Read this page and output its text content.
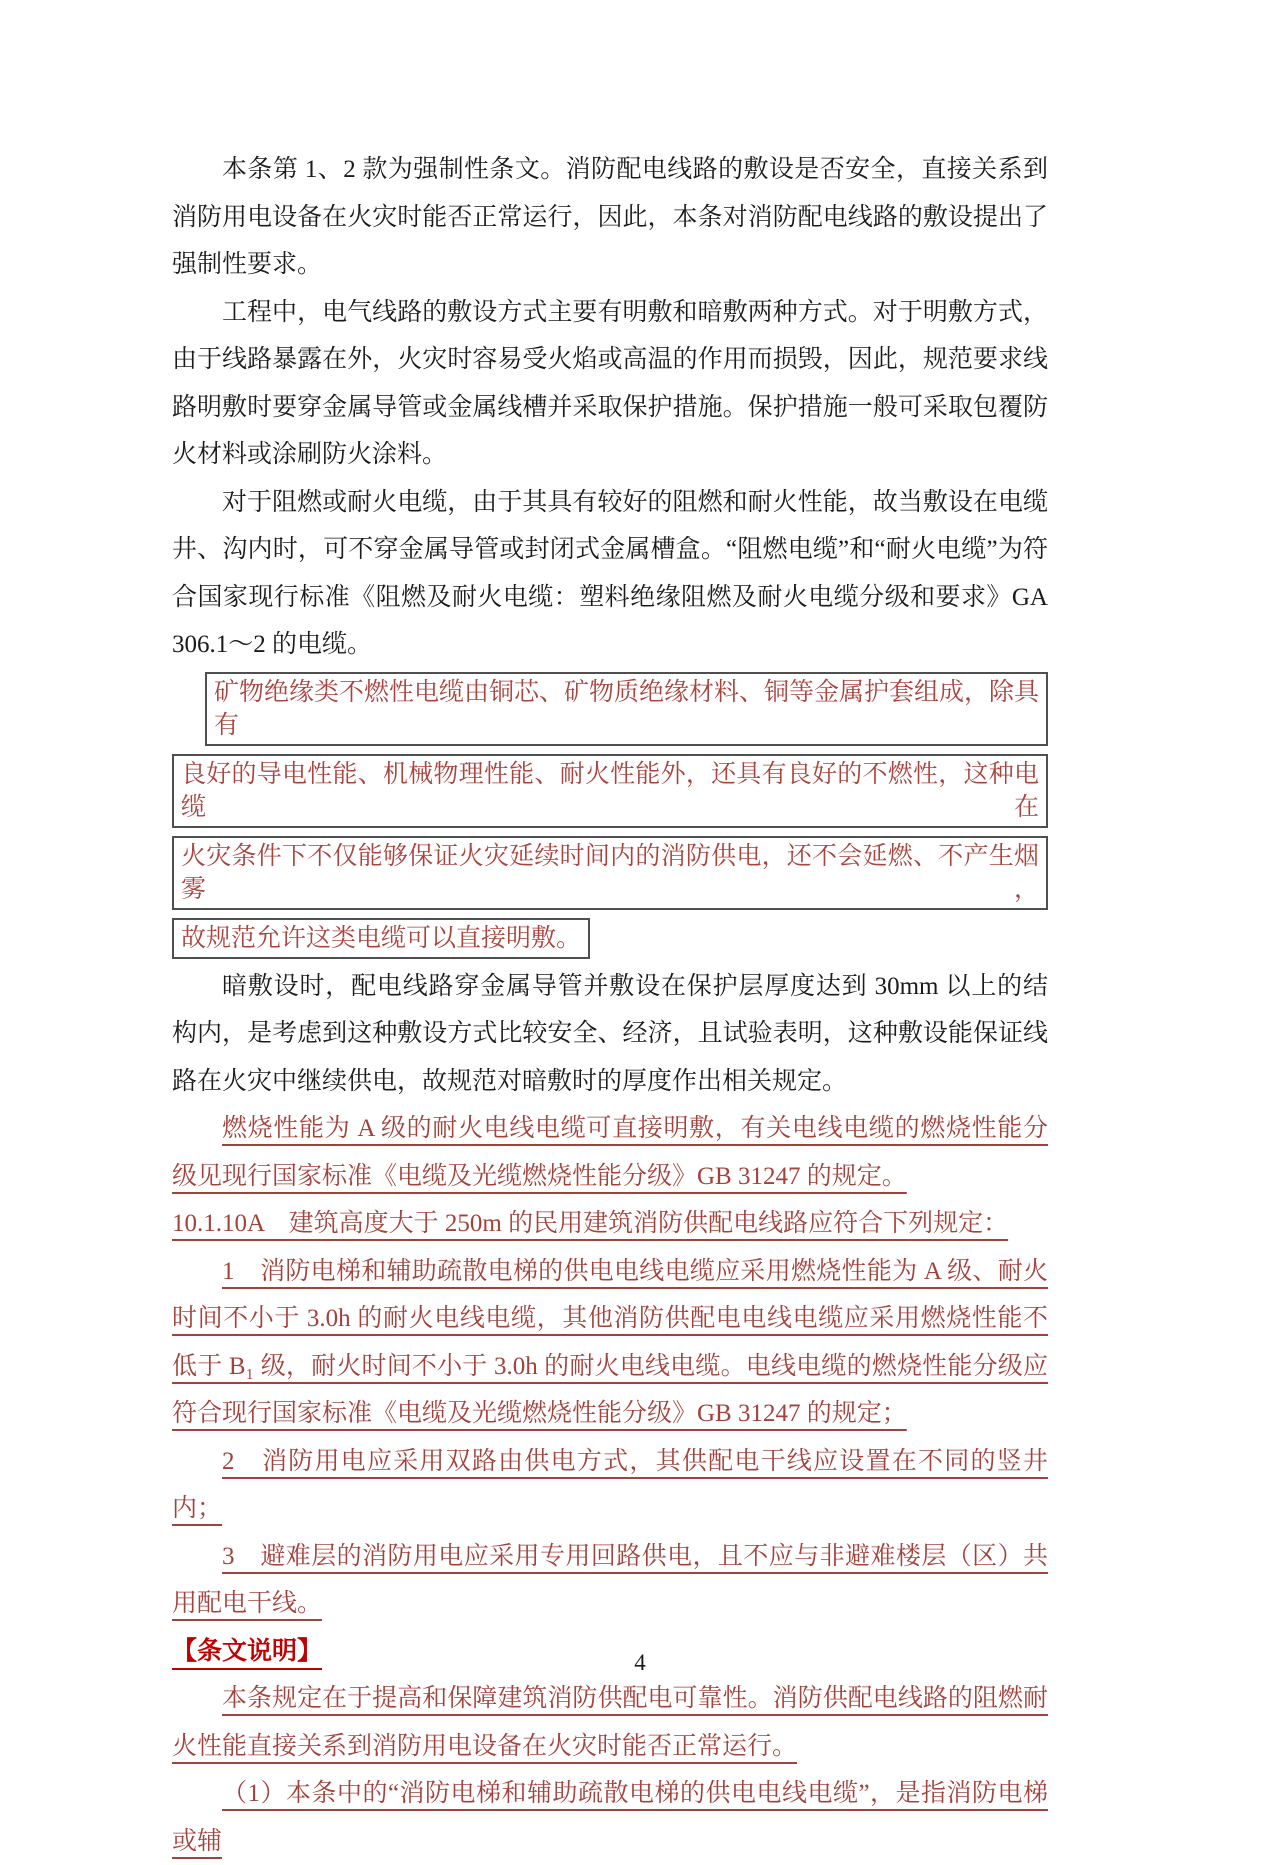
本条第 1、2 款为强制性条文。消防配电线路的敷设是否安全，直接关系到消防用电设备在火灾时能否正常运行，因此，本条对消防配电线路的敷设提出了强制性要求。

工程中，电气线路的敷设方式主要有明敷和暗敷两种方式。对于明敷方式，由于线路暴露在外，火灾时容易受火焰或高温的作用而损毁，因此，规范要求线路明敷时要穿金属导管或金属线槽并采取保护措施。保护措施一般可采取包覆防火材料或涂刷防火涂料。

对于阻燃或耐火电缆，由于其具有较好的阻燃和耐火性能，故当敷设在电缆井、沟内时，可不穿金属导管或封闭式金属槽盒。“阻燃电缆”和“耐火电缆”为符合国家现行标准《阻燃及耐火电缆：塑料绝缘阻燃及耐火电缆分级和要求》GA 306.1～2 的电缆。

矿物绝缘类不燃性电缆由铜芯、矿物质绝缘材料、铜等金属护套组成，除具有
良好的导电性能、机械物理性能、耐火性能外，还具有良好的不燃性，这种电缆在
火灾条件下不仅能够保证火灾延续时间内的消防供电，还不会延燃、不产生烟雾，
故规范允许这类电缆可以直接明敷。

暗敷设时，配电线路穿金属导管并敷设在保护层厚度达到 30mm 以上的结构内，是考虑到这种敷设方式比较安全、经济，且试验表明，这种敷设能保证线路在火灾中继续供电，故规范对暗敷时的厚度作出相关规定。

燃烧性能为 A 级的耐火电线电缆可直接明敷，有关电线电缆的燃烧性能分级见现行国家标准《电缆及光缆燃烧性能分级》GB 31247 的规定。

10.1.10A　建筑高度大于 250m 的民用建筑消防供配电线路应符合下列规定：

1　消防电梯和辅助疏散电梯的供电电线电缆应采用燃烧性能为 A 级、耐火时间不小于 3.0h 的耐火电线电缆，其他消防供配电电线电缆应采用燃烧性能不低于 B₁ 级，耐火时间不小于 3.0h 的耐火电线电缆。电线电缆的燃烧性能分级应符合现行国家标准《电缆及光缆燃烧性能分级》GB 31247 的规定；

2　消防用电应采用双路由供电方式，其供配电干线应设置在不同的竖井内；

3　避难层的消防用电应采用专用回路供电，且不应与非避难楼层（区）共用配电干线。

【条文说明】

本条规定在于提高和保障建筑消防供配电可靠性。消防供配电线路的阻燃耐火性能直接关系到消防用电设备在火灾时能否正常运行。

（1）本条中的“消防电梯和辅助疏散电梯的供电电线电缆”，是指消防电梯或辅

4
